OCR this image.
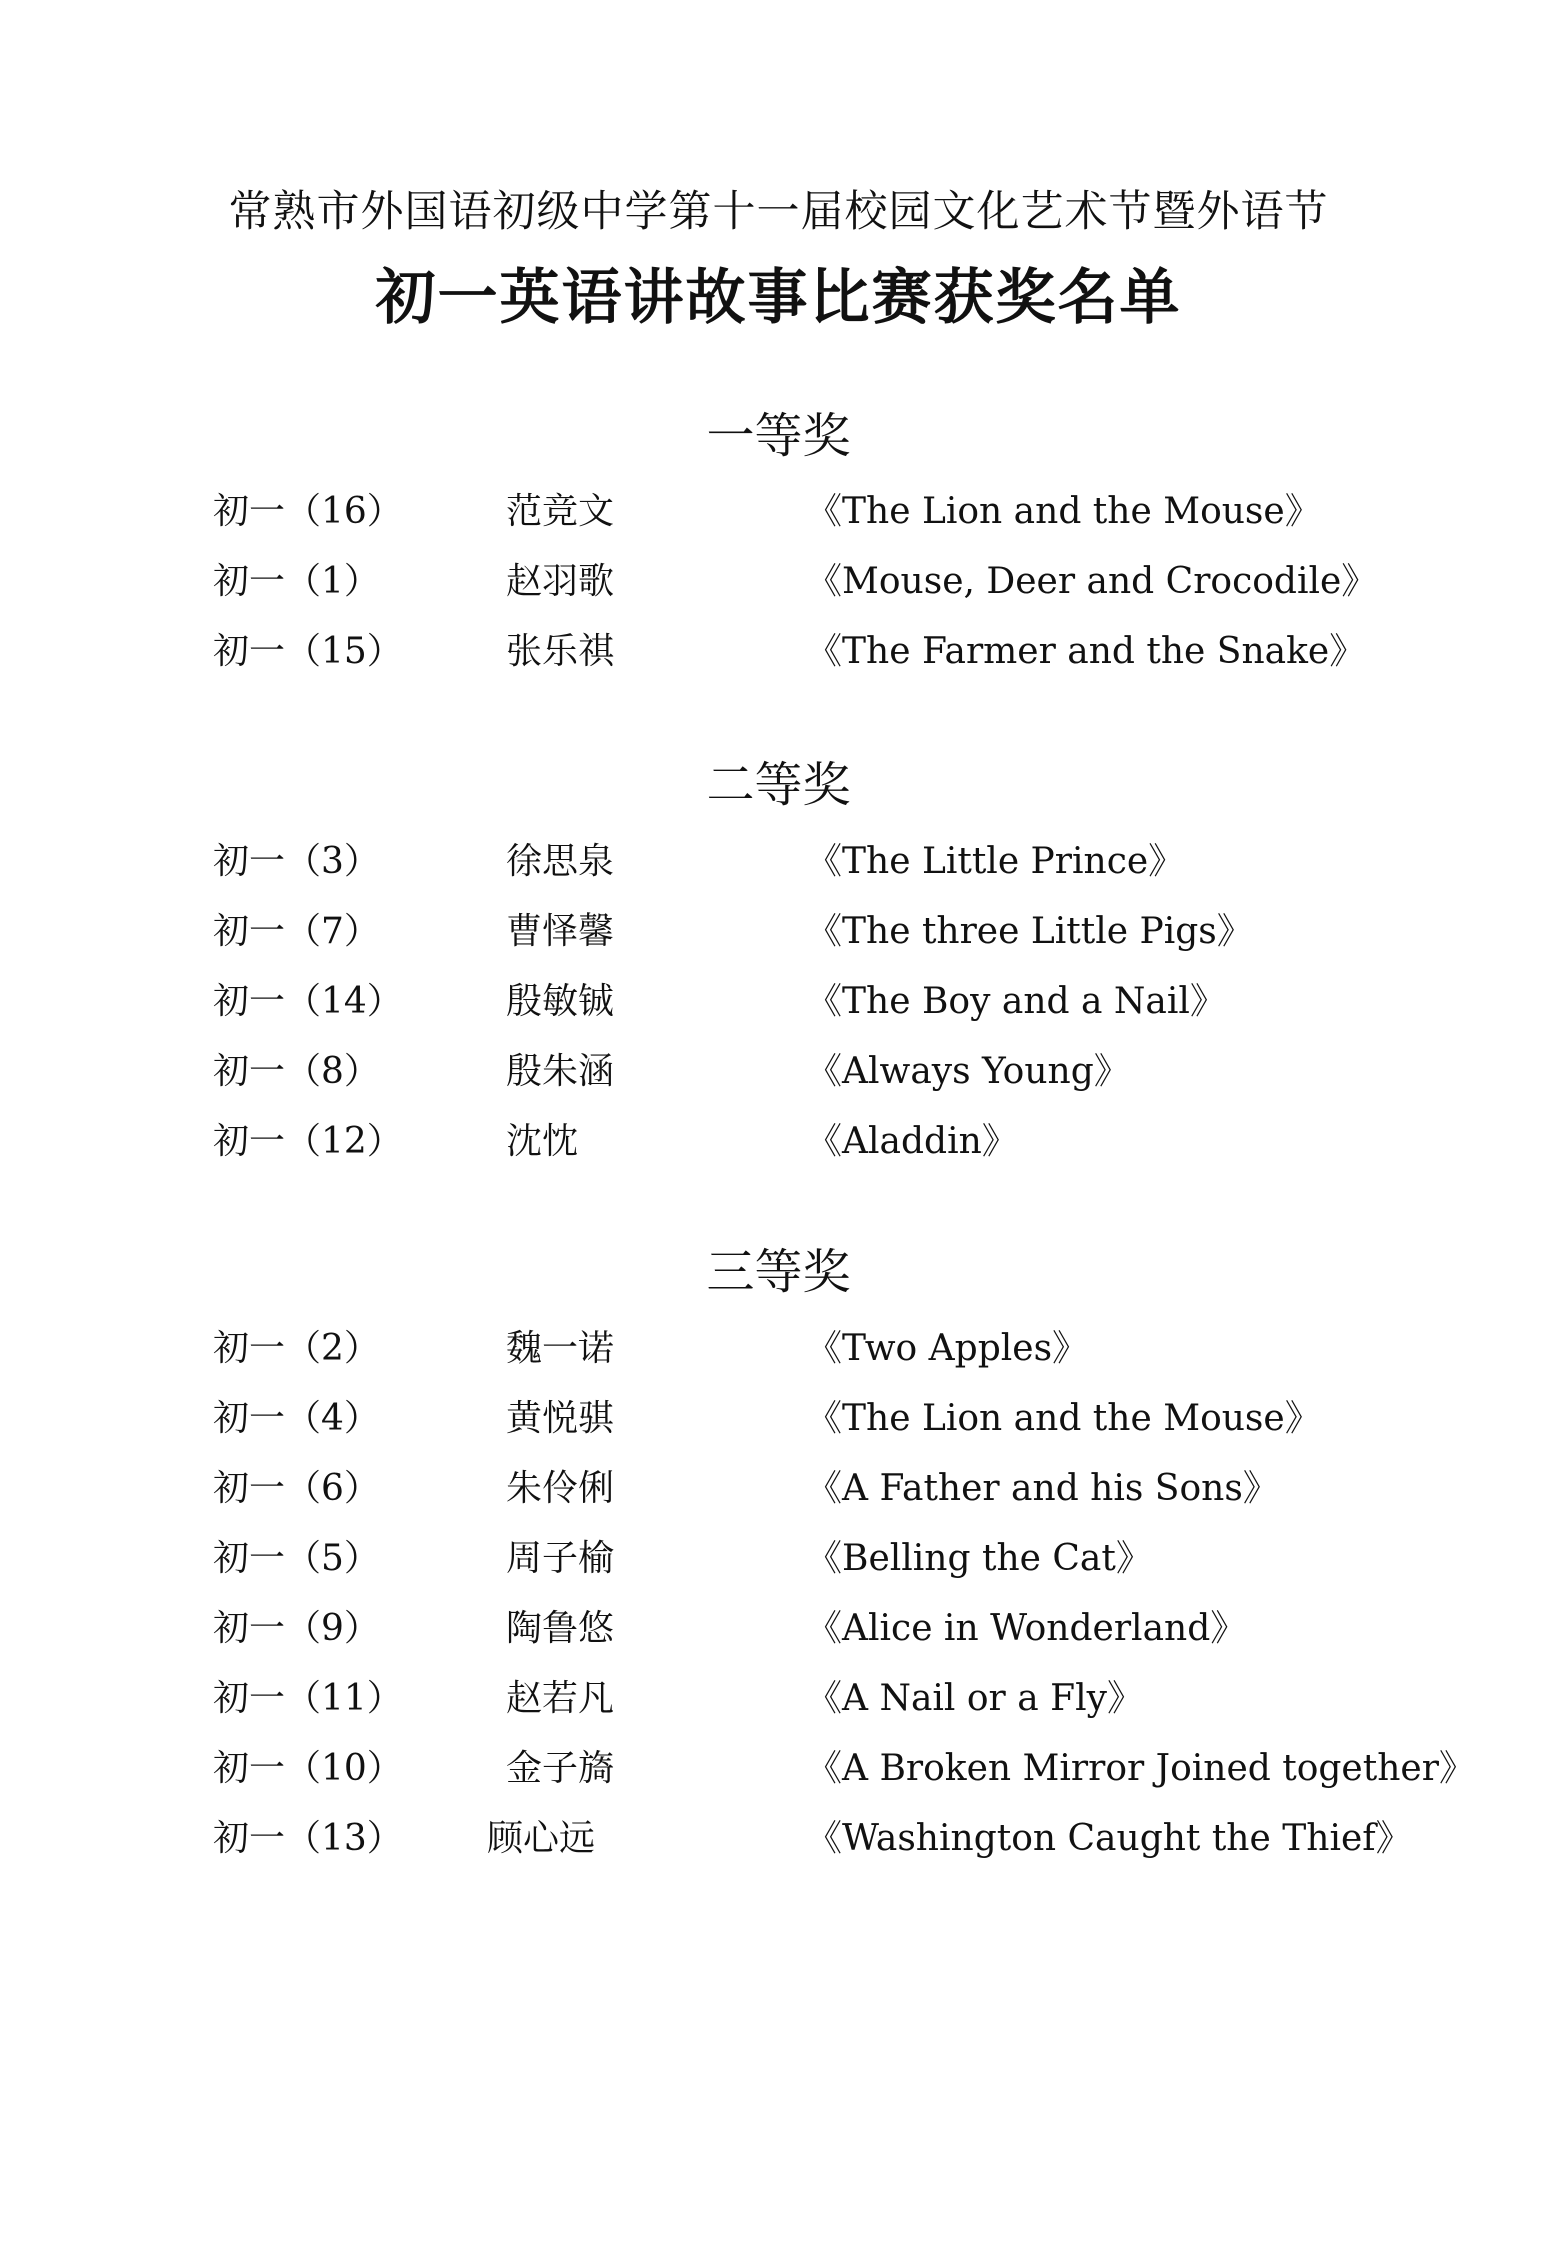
常熟市外国语初级中学第十一届校园文化艺术节暨外语节
初一英语讲故事比赛获奖名单
一等奖
初一（16）	范竞文	《The Lion and the Mouse》
初一（1）	赵羽歌	《Mouse, Deer and Crocodile》
初一（15）	张乐祺	《The Farmer and the Snake》
二等奖
初一（3）	徐思泉	《The Little Prince》
初一（7）	曹怿馨	《The three Little Pigs》
初一（14）	殷敏铖	《The Boy and a Nail》
初一（8）	殷朱涵	《Always Young》
初一（12）	沈忱	《Aladdin》
三等奖
初一（2）	魏一诺	《Two Apples》
初一（4）	黄悦骐	《The Lion and the Mouse》
初一（6）	朱伶俐	《A Father and his Sons》
初一（5）	周子榆	《Belling the Cat》
初一（9）	陶鲁悠	《Alice in Wonderland》
初一（11）	赵若凡	《A Nail or a Fly》
初一（10）	金子旖	《A Broken Mirror Joined together》
初一（13） 顾心远	《Washington Caught the Thief》
